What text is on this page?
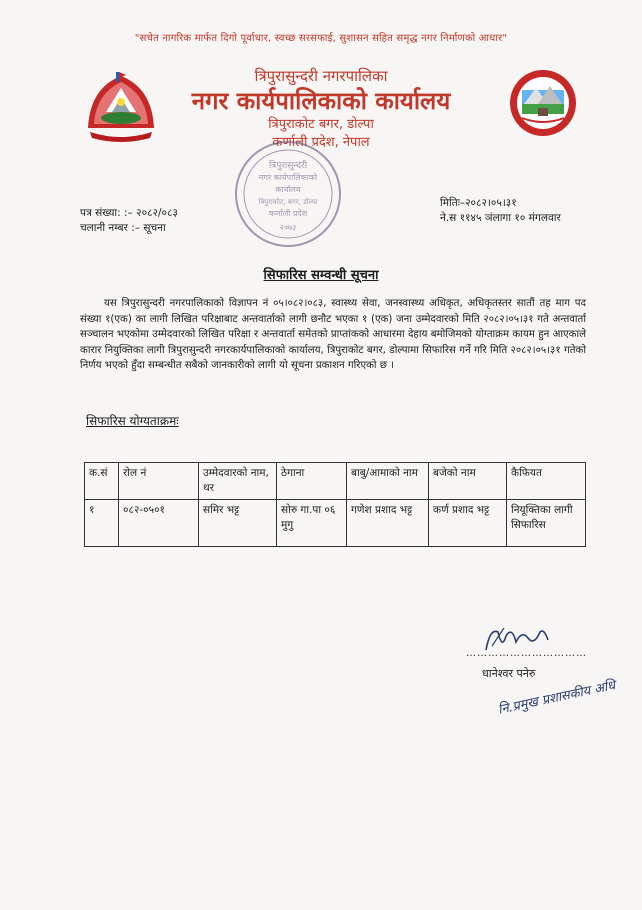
"सचेत नागरिक मार्फत दिगो पूर्वाधार, स्वच्छ सरसफाई, सुशासन सहित समृद्ध नगर निर्माणको आधार"
त्रिपुरासुन्दरी नगरपालिका
नगर कार्यपालिकाको कार्यालय
त्रिपुराकोट बगर, डोल्पा
कर्णाली प्रदेश, नेपाल
त्रिपुरासुन्दरी
नगर कार्यपालिकाको
कार्यालय
त्रिपुराकोट, बगर, डोल्पा
कर्णाली प्रदेश
२०७३
पत्र संख्या: :– २०८२/०८३
चलानी नम्बर :– सूचना
मितिः–२०८२।०५।३१
ने.स ११४५ ञंलागा १० मंगलवार
सिफारिस सम्वन्धी सूचना
यस त्रिपुरासुन्दरी नगरपालिकाको विज्ञापन नं ०५।०८२।०८३, स्वास्थ्य सेवा, जनस्वास्थ्य अधिकृत, अधिकृतस्तर सातौं तह माग पद संख्या १(एक) का लागी लिखित परिक्षाबाट अन्तवार्ताको लागी छनौट भएका १ (एक) जना उम्मेदवारको मिति २०८२।०५।३१ गते अन्तवार्ता सञ्चालन भएकोमा उम्मेदवारको लिखित परिक्षा र अन्तवार्ता समेतको प्राप्तांकको आधारमा देहाय बमोजिमको योग्ताक्रम कायम हुन आएकाले कारार नियुक्तिका लागी त्रिपुरासुन्दरी नगरकार्यपालिकाको कार्यालय, त्रिपुराकोट बगर, डोल्पामा सिफारिस गर्ने गरि मिति २०८२।०५।३१ गतेको निर्णय भएको हुँदा सम्बन्धीत सबैको जानकारीको लागी यो सूचना प्रकाशन गरिएको छ ।
सिफारिस योग्यताक्रमः
क.सं	रोल नं	उम्मेदवारको नाम, थर	ठेगाना	बाबु/आमाको नाम	बजेको नाम	कैफियत
१	०८२-०५०१	समिर भट्ट	सोरु गा.पा ०६ मुगु	गणेश प्रशाद भट्ट	कर्ण प्रशाद भट्ट	नियूक्तिका लागी सिफारिस
……………………………
धानेश्वर पनेरु
नि.प्रमुख प्रशासकीय अधि
